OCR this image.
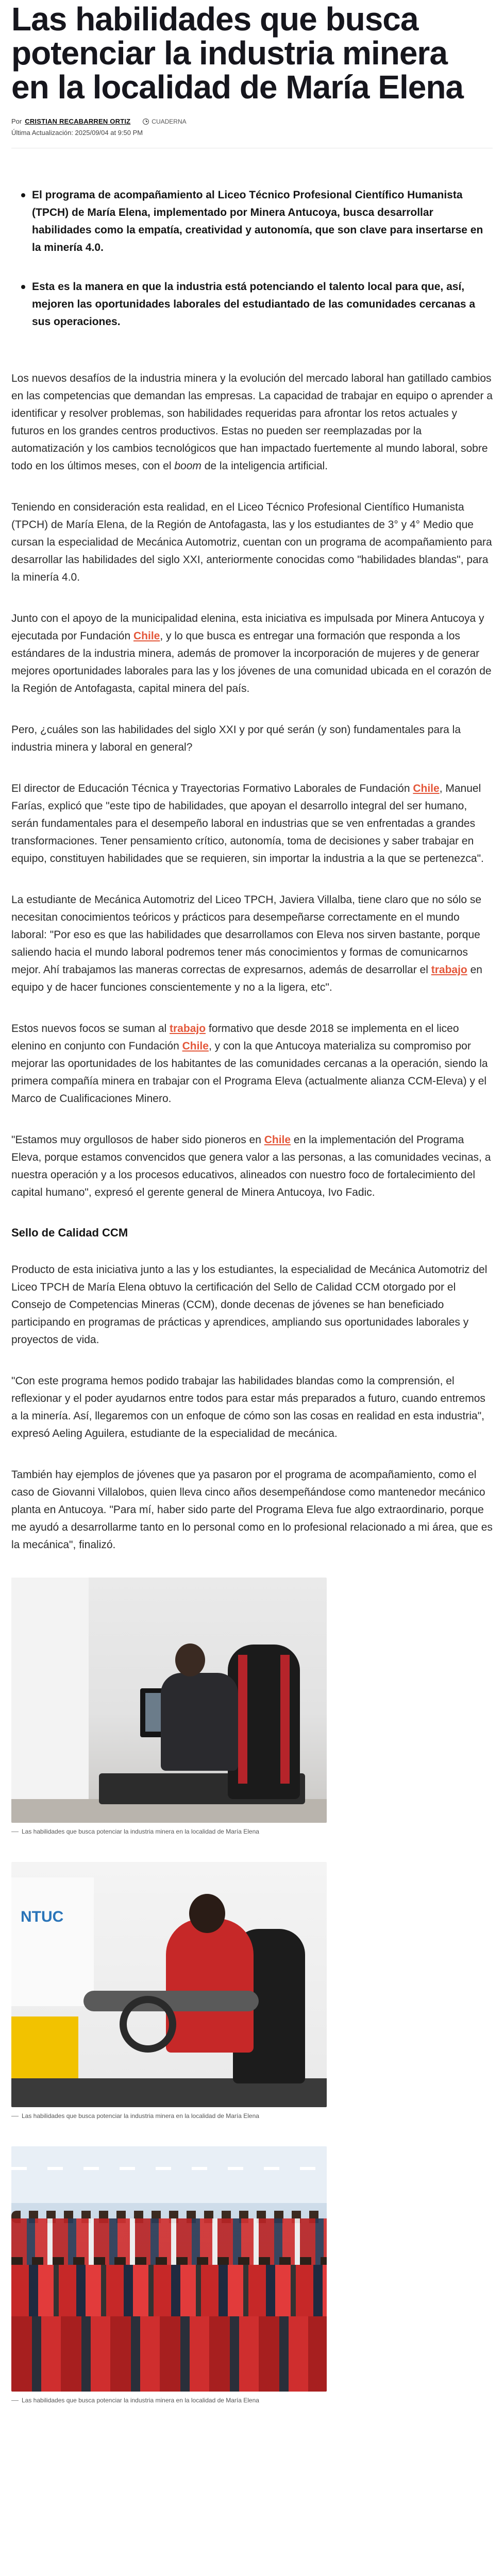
Las habilidades que busca potenciar la industria minera en la localidad de María Elena
Por CRISTIAN RECABARREN ORTIZ	CUADERNA
Última Actualización: 2025/09/04 at 9:50 PM
El programa de acompañamiento al Liceo Técnico Profesional Científico Humanista (TPCH) de María Elena, implementado por Minera Antucoya, busca desarrollar habilidades como la empatía, creatividad y autonomía, que son clave para insertarse en la minería 4.0.
Esta es la manera en que la industria está potenciando el talento local para que, así, mejoren las oportunidades laborales del estudiantado de las comunidades cercanas a sus operaciones.

Los nuevos desafíos de la industria minera y la evolución del mercado laboral han gatillado cambios en las competencias que demandan las empresas. La capacidad de trabajar en equipo o aprender a identificar y resolver problemas, son habilidades requeridas para afrontar los retos actuales y futuros en los grandes centros productivos. Estas no pueden ser reemplazadas por la automatización y los cambios tecnológicos que han impactado fuertemente al mundo laboral, sobre todo en los últimos meses, con el boom de la inteligencia artificial.

Teniendo en consideración esta realidad, en el Liceo Técnico Profesional Científico Humanista (TPCH) de María Elena, de la Región de Antofagasta, las y los estudiantes de 3° y 4° Medio que cursan la especialidad de Mecánica Automotriz, cuentan con un programa de acompañamiento para desarrollar las habilidades del siglo XXI, anteriormente conocidas como "habilidades blandas", para la minería 4.0.

Junto con el apoyo de la municipalidad elenina, esta iniciativa es impulsada por Minera Antucoya y ejecutada por Fundación Chile, y lo que busca es entregar una formación que responda a los estándares de la industria minera, además de promover la incorporación de mujeres y de generar mejores oportunidades laborales para las y los jóvenes de una comunidad ubicada en el corazón de la Región de Antofagasta, capital minera del país.

Pero, ¿cuáles son las habilidades del siglo XXI y por qué serán (y son) fundamentales para la industria minera y laboral en general?

El director de Educación Técnica y Trayectorias Formativo Laborales de Fundación Chile, Manuel Farías, explicó que "este tipo de habilidades, que apoyan el desarrollo integral del ser humano, serán fundamentales para el desempeño laboral en industrias que se ven enfrentadas a grandes transformaciones. Tener pensamiento crítico, autonomía, toma de decisiones y saber trabajar en equipo, constituyen habilidades que se requieren, sin importar la industria a la que se pertenezca".

La estudiante de Mecánica Automotriz del Liceo TPCH, Javiera Villalba, tiene claro que no sólo se necesitan conocimientos teóricos y prácticos para desempeñarse correctamente en el mundo laboral: "Por eso es que las habilidades que desarrollamos con Eleva nos sirven bastante, porque saliendo hacia el mundo laboral podremos tener más conocimientos y formas de comunicarnos mejor. Ahí trabajamos las maneras correctas de expresarnos, además de desarrollar el trabajo en equipo y de hacer funciones conscientemente y no a la ligera, etc".

Estos nuevos focos se suman al trabajo formativo que desde 2018 se implementa en el liceo elenino en conjunto con Fundación Chile, y con la que Antucoya materializa su compromiso por mejorar las oportunidades de los habitantes de las comunidades cercanas a la operación, siendo la primera compañía minera en trabajar con el Programa Eleva (actualmente alianza CCM-Eleva) y el Marco de Cualificaciones Minero.

"Estamos muy orgullosos de haber sido pioneros en Chile en la implementación del Programa Eleva, porque estamos convencidos que genera valor a las personas, a las comunidades vecinas, a nuestra operación y a los procesos educativos, alineados con nuestro foco de fortalecimiento del capital humano", expresó el gerente general de Minera Antucoya, Ivo Fadic.

Sello de Calidad CCM

Producto de esta iniciativa junto a las y los estudiantes, la especialidad de Mecánica Automotriz del Liceo TPCH de María Elena obtuvo la certificación del Sello de Calidad CCM otorgado por el Consejo de Competencias Mineras (CCM), donde decenas de jóvenes se han beneficiado participando en programas de prácticas y aprendices, ampliando sus oportunidades laborales y proyectos de vida.

"Con este programa hemos podido trabajar las habilidades blandas como la comprensión, el reflexionar y el poder ayudarnos entre todos para estar más preparados a futuro, cuando entremos a la minería. Así, llegaremos con un enfoque de cómo son las cosas en realidad en esta industria", expresó Aeling Aguilera, estudiante de la especialidad de mecánica.

También hay ejemplos de jóvenes que ya pasaron por el programa de acompañamiento, como el caso de Giovanni Villalobos, quien lleva cinco años desempeñándose como mantenedor mecánico planta en Antucoya. "Para mí, haber sido parte del Programa Eleva fue algo extraordinario, porque me ayudó a desarrollarme tanto en lo personal como en lo profesional relacionado a mi área, que es la mecánica", finalizó.

Las habilidades que busca potenciar la industria minera en la localidad de María Elena
NTUC
Las habilidades que busca potenciar la industria minera en la localidad de María Elena
Las habilidades que busca potenciar la industria minera en la localidad de María Elena
